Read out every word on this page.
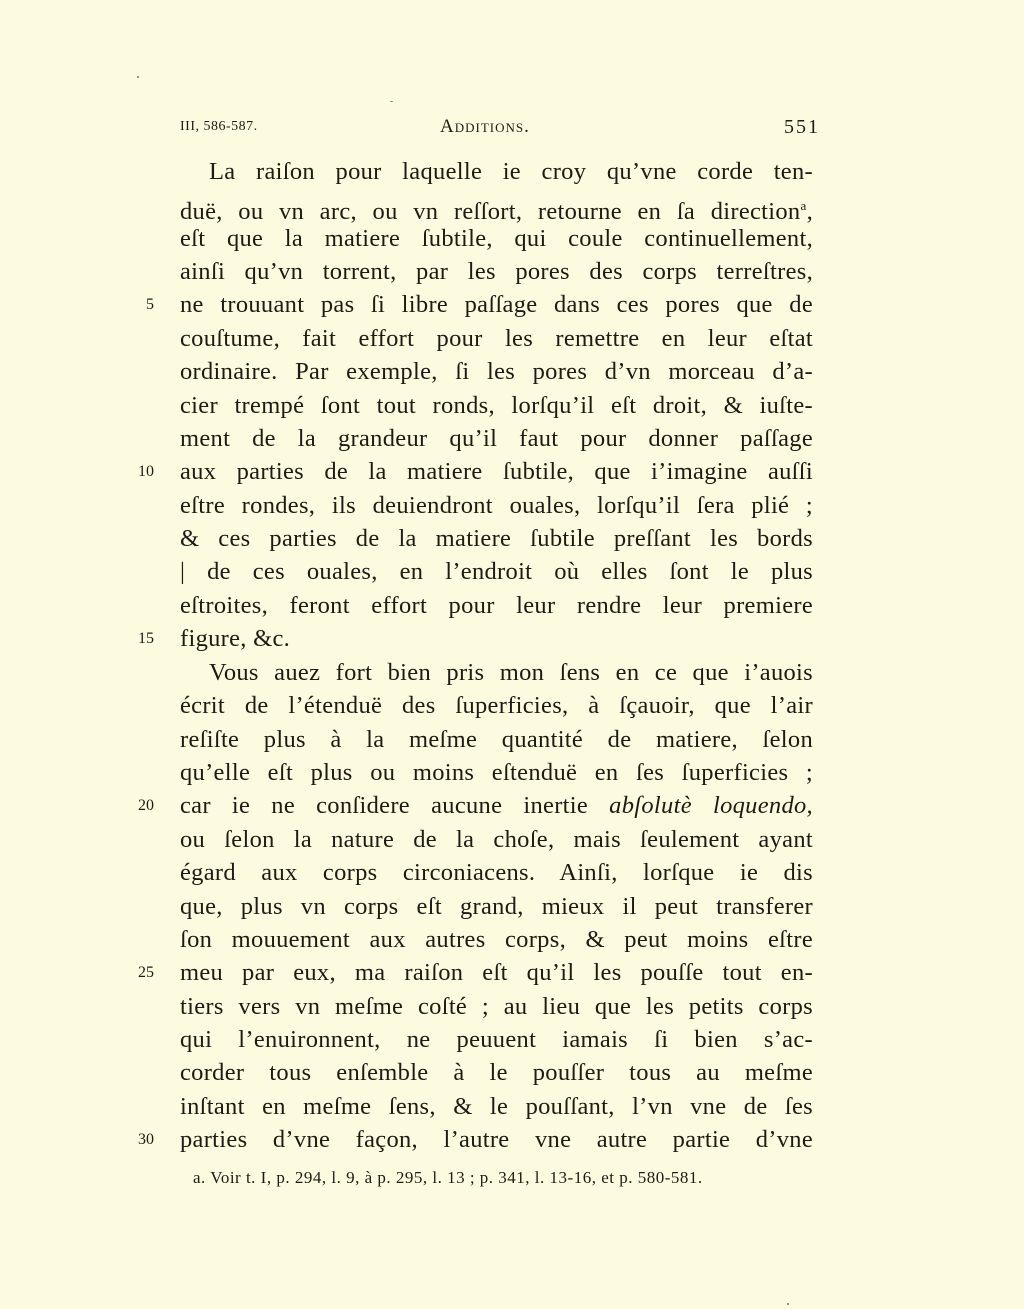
III, 586-587.	Additions.	551
La raiſon pour laquelle ie croy qu’vne corde ten-
duë, ou vn arc, ou vn reſſort, retourne en ſa direction$^a$,
eſt que la matiere ſubtile, qui coule continuellement,
ainſi qu’vn torrent, par les pores des corps terreſtres,
ne trouuant pas ſi libre paſſage dans ces pores que de
couſtume, fait effort pour les remettre en leur eſtat
ordinaire. Par exemple, ſi les pores d’vn morceau d’a-
cier trempé ſont tout ronds, lorſqu’il eſt droit, & iuſte-
ment de la grandeur qu’il faut pour donner paſſage
aux parties de la matiere ſubtile, que i’imagine auſſi
eſtre rondes, ils deuiendront ouales, lorſqu’il ſera plié ;
& ces parties de la matiere ſubtile preſſant les bords
| de ces ouales, en l’endroit où elles ſont le plus
eſtroites, feront effort pour leur rendre leur premiere
figure, &c.
Vous auez fort bien pris mon ſens en ce que i’auois
écrit de l’étenduë des ſuperficies, à ſçauoir, que l’air
reſiſte plus à la meſme quantité de matiere, ſelon
qu’elle eſt plus ou moins eſtenduë en ſes ſuperficies ;
car ie ne conſidere aucune inertie abſolutè loquendo,
ou ſelon la nature de la choſe, mais ſeulement ayant
égard aux corps circoniacens. Ainſi, lorſque ie dis
que, plus vn corps eſt grand, mieux il peut transferer
ſon mouuement aux autres corps, & peut moins eſtre
meu par eux, ma raiſon eſt qu’il les pouſſe tout en-
tiers vers vn meſme coſté ; au lieu que les petits corps
qui l’enuironnent, ne peuuent iamais ſi bien s’ac-
corder tous enſemble à le pouſſer tous au meſme
inſtant en meſme ſens, & le pouſſant, l’vn vne de ſes
parties d’vne façon, l’autre vne autre partie d’vne
5
10
15
20
25
30
a. Voir t. I, p. 294, l. 9, à p. 295, l. 13 ; p. 341, l. 13-16, et p. 580-581.
